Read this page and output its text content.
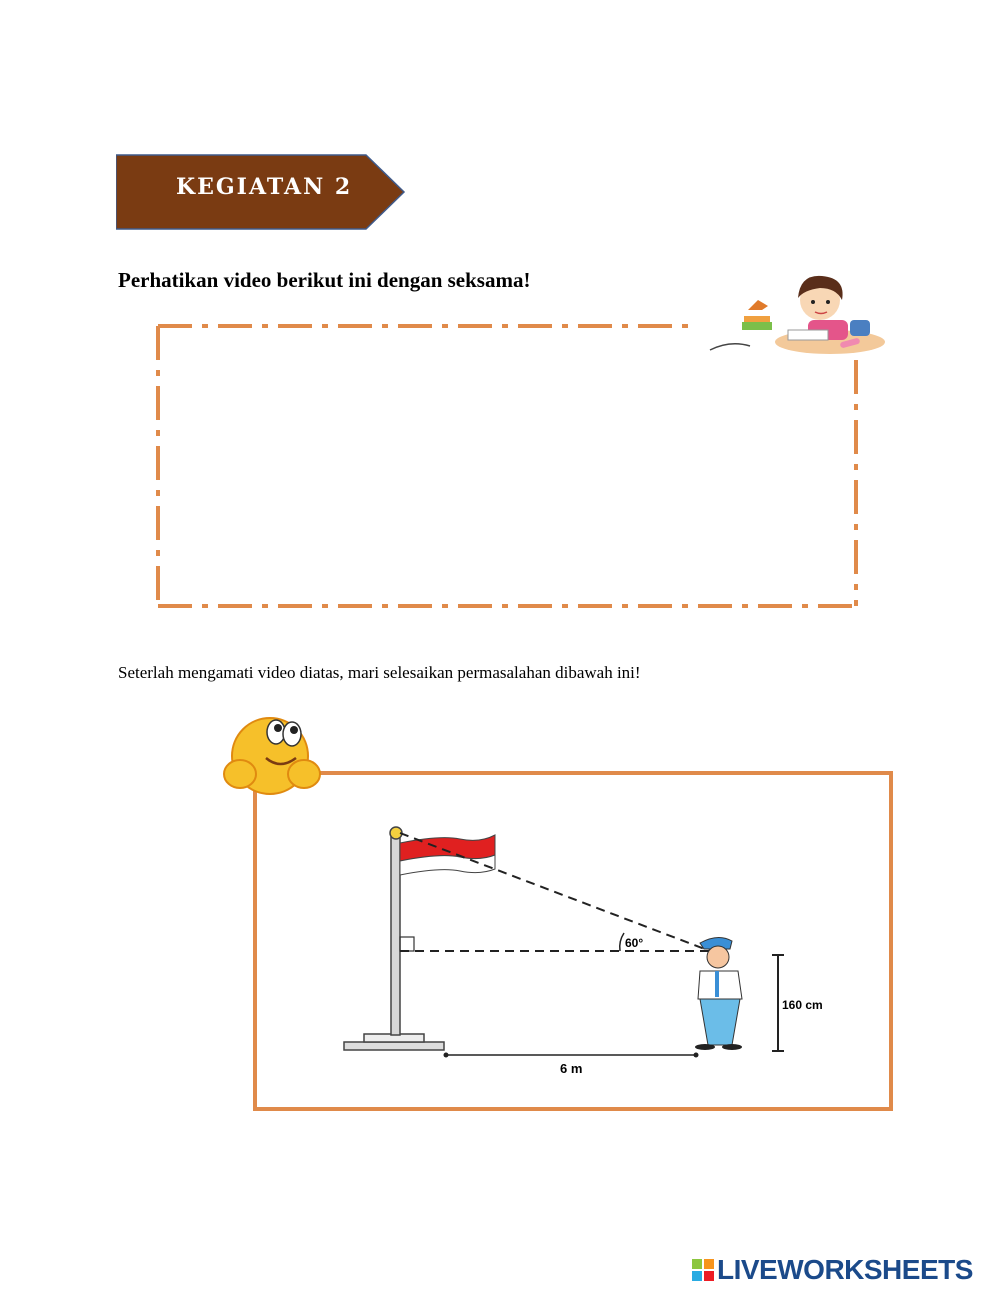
KEGIATAN 2
Perhatikan video berikut ini dengan seksama!
Seterlah mengamati video diatas, mari selesaikan permasalahan dibawah ini!
60°
160 cm
6 m
LIVEWORKSHEETS
